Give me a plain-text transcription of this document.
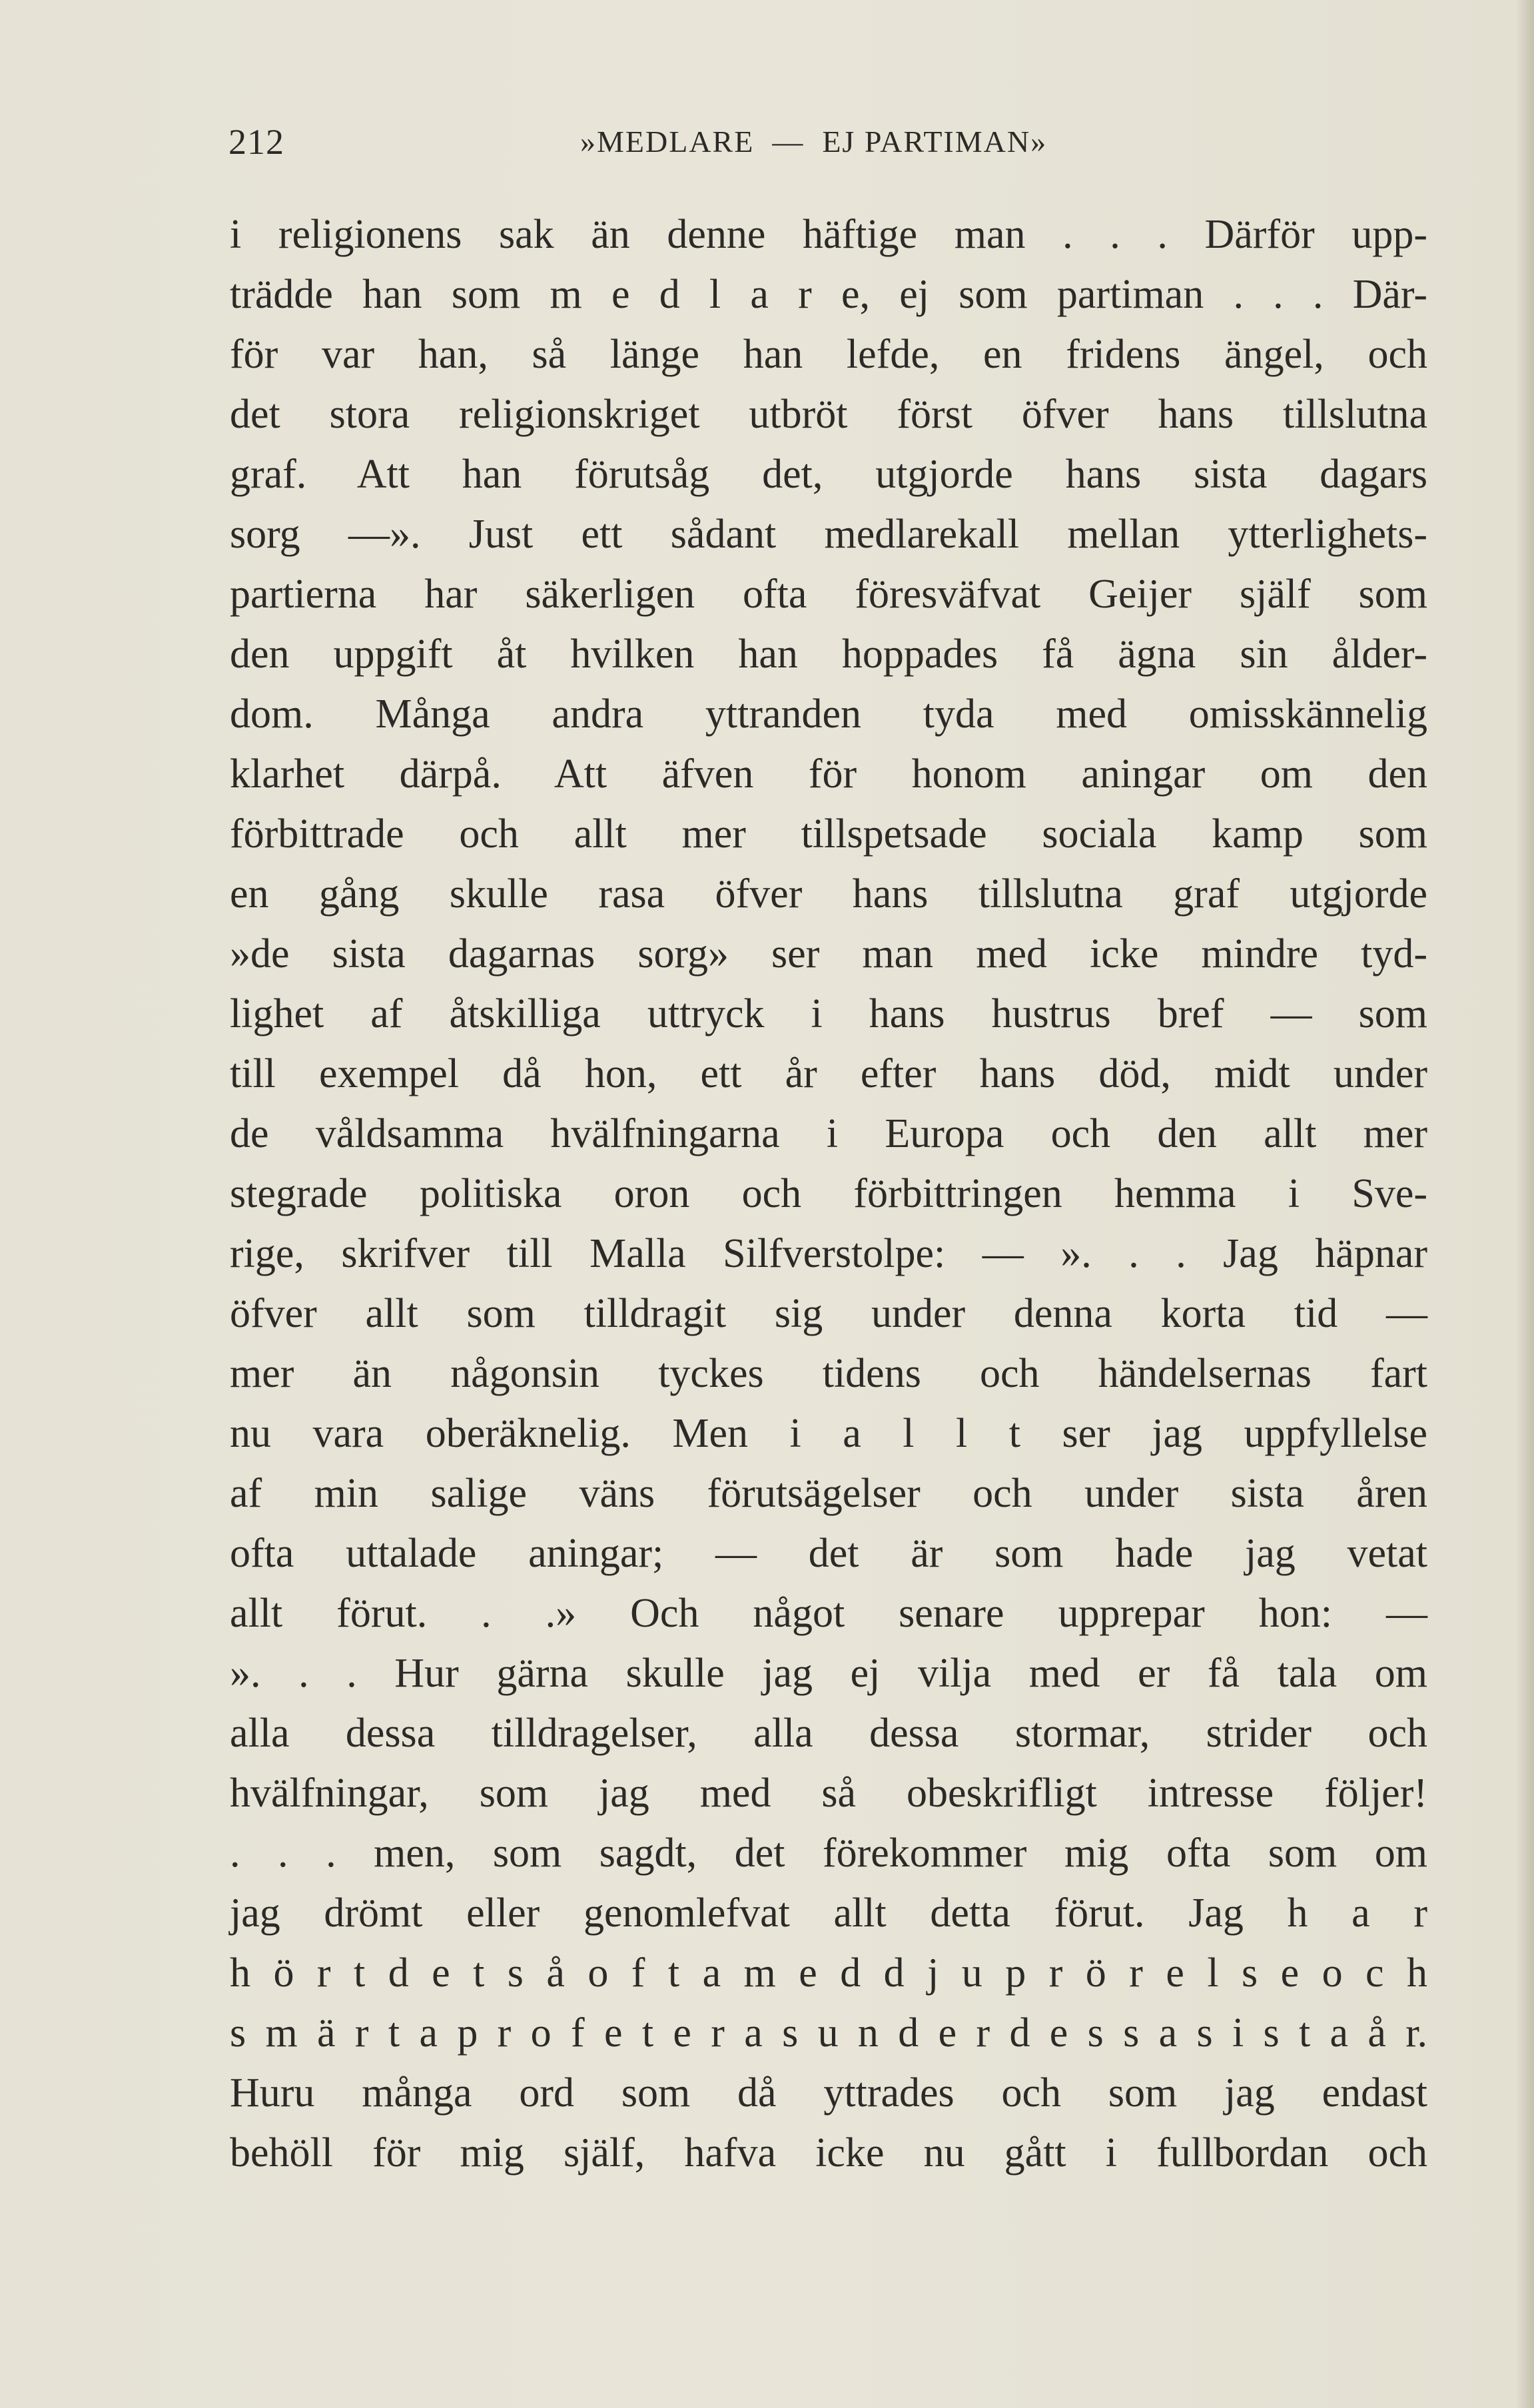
212	»MEDLARE  —  EJ PARTIMAN»
i religionens sak än denne häftige man . . . Därför upp-
trädde han som m e d l a r e, ej som partiman . . . Där-
för var han, så länge han lefde, en fridens ängel, och
det stora religionskriget utbröt först öfver hans tillslutna
graf. Att han förutsåg det, utgjorde hans sista dagars
sorg —». Just ett sådant medlarekall mellan ytterlighets-
partierna har säkerligen ofta föresväfvat Geijer själf som
den uppgift åt hvilken han hoppades få ägna sin ålder-
dom. Många andra yttranden tyda med omisskännelig
klarhet därpå. Att äfven för honom aningar om den
förbittrade och allt mer tillspetsade sociala kamp som
en gång skulle rasa öfver hans tillslutna graf utgjorde
»de sista dagarnas sorg» ser man med icke mindre tyd-
lighet af åtskilliga uttryck i hans hustrus bref — som
till exempel då hon, ett år efter hans död, midt under
de våldsamma hvälfningarna i Europa och den allt mer
stegrade politiska oron och förbittringen hemma i Sve-
rige, skrifver till Malla Silfverstolpe: — ». . . Jag häpnar
öfver allt som tilldragit sig under denna korta tid —
mer än någonsin tyckes tidens och händelsernas fart
nu vara oberäknelig. Men i a l l t ser jag uppfyllelse
af min salige väns förutsägelser och under sista åren
ofta uttalade aningar; — det är som hade jag vetat
allt förut. . .» Och något senare upprepar hon: —
». . . Hur gärna skulle jag ej vilja med er få tala om
alla dessa tilldragelser, alla dessa stormar, strider och
hvälfningar, som jag med så obeskrifligt intresse följer!
. . . men, som sagdt, det förekommer mig ofta som om
jag drömt eller genomlefvat allt detta förut. Jag h a r
h ö r t d e t s å o f t a m e d d j u p r ö r e l s e o c h
s m ä r t a p r o f e t e r a s u n d e r d e s s a s i s t a å r.
Huru många ord som då yttrades och som jag endast
behöll för mig själf, hafva icke nu gått i fullbordan och
